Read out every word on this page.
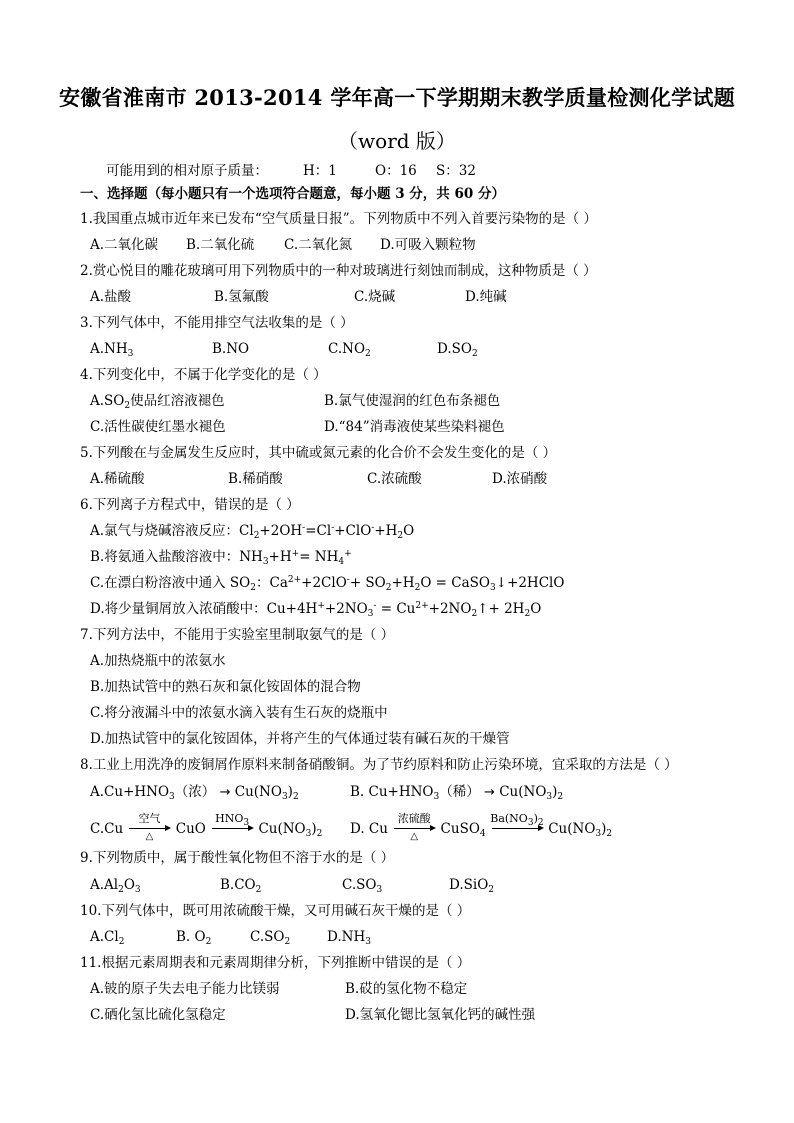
安徽省淮南市 2013-2014 学年高一下学期期末教学质量检测化学试题
（word 版）
可能用到的相对原子质量：	H：1	O：16 S：32
一、选择题（每小题只有一个选项符合题意，每小题 3 分，共 60 分）
1.我国重点城市近年来已发布“空气质量日报”。下列物质中不列入首要污染物的是（ ）
A.二氧化碳 B.二氧化硫 C.二氧化氮 D.可吸入颗粒物
2.赏心悦目的雕花玻璃可用下列物质中的一种对玻璃进行刻蚀而制成，这种物质是（ ）
A.盐酸	B.氢氟酸	C.烧碱	D.纯碱
3.下列气体中，不能用排空气法收集的是（ ）
$A.NH_3$	B.NO	$C.NO_2$	$D.SO_2$
4.下列变化中，不属于化学变化的是（ ）
$A.SO_2$使品红溶液褪色	B.氯气使湿润的红色布条褪色
C.活性碳使红墨水褪色	D.“84”消毒液使某些染料褪色
5.下列酸在与金属发生反应时，其中硫或氮元素的化合价不会发生变化的是（ ）
A.稀硫酸	B.稀硝酸	C.浓硫酸	D.浓硝酸
6.下列离子方程式中，错误的是（ ）
A.氯气与烧碱溶液反应：$Cl_2+2OH^-=Cl^-+ClO^-+H_2O$
B.将氨通入盐酸溶液中：$NH_3+H^+= NH_4^+$
C.在漂白粉溶液中通入 $SO_2$：$Ca^{2+}+2ClO^-+ SO_2+H_2O$ = CaSO$_3$↓+2HClO
D.将少量铜屑放入浓硝酸中：$Cu+4H^++2NO_3^-$ = $Cu^{2+}+2NO_2↑+ 2H_2O$
7.下列方法中，不能用于实验室里制取氨气的是（ ）
A.加热烧瓶中的浓氨水
B.加热试管中的熟石灰和氯化铵固体的混合物
C.将分液漏斗中的浓氨水滴入装有生石灰的烧瓶中
D.加热试管中的氯化铵固体，并将产生的气体通过装有碱石灰的干燥管
8.工业上用洗净的废铜屑作原料来制备硝酸铜。为了节约原料和防止污染环境，宜采取的方法是（ ）
$A.Cu+HNO_3$（浓） → $Cu(NO_3)_2$	B. $Cu+HNO_3$（稀） → $Cu(NO_3)_2$
C.Cu
空气
△	CuO
$HNO_3$ $Cu(NO_3)_2$ D. Cu
浓硫酸
△	CuSO$_4$
$Ba(NO_3)_2$ $Cu(NO_3)_2$
9.下列物质中，属于酸性氧化物但不溶于水的是（ ）
$A.Al_2O_3$	$B.CO_2$	$C.SO_3$	D.SiO$_2$
10.下列气体中，既可用浓硫酸干燥，又可用碱石灰干燥的是（ ）
$A.Cl_2$	B. $O_2$	$C.SO_2$	$D.NH_3$
11.根据元素周期表和元素周期律分析，下列推断中错误的是（ ）
A.铍的原子失去电子能力比镁弱	B.砹的氢化物不稳定
C.硒化氢比硫化氢稳定	D.氢氧化锶比氢氧化钙的碱性强
